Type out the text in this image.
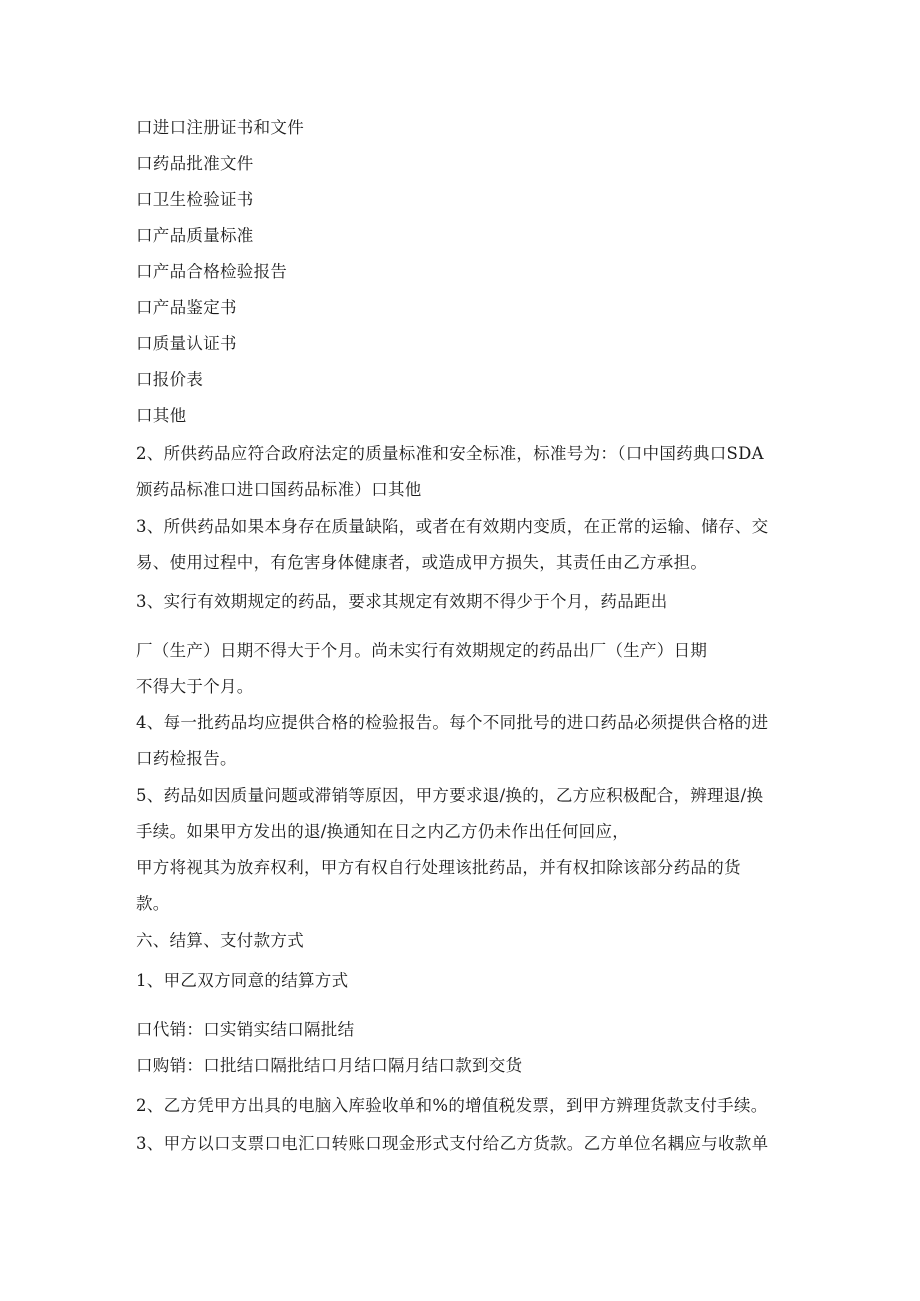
口进口注册证书和文件
口药品批准文件
口卫生检验证书
口产品质量标准
口产品合格检验报告
口产品鉴定书
口质量认证书
口报价表
口其他
2、所供药品应符合政府法定的质量标准和安全标准，标准号为：（口中国药典口SDA
颁药品标准口进口国药品标准）口其他
3、所供药品如果本身存在质量缺陷，或者在有效期内变质，在正常的运输、储存、交
易、使用过程中，有危害身体健康者，或造成甲方损失，其责任由乙方承担。
3、实行有效期规定的药品，要求其规定有效期不得少于个月，药品距出
厂（生产）日期不得大于个月。尚未实行有效期规定的药品出厂（生产）日期
不得大于个月。
4、每一批药品均应提供合格的检验报告。每个不同批号的进口药品必须提供合格的进
口药检报告。
5、药品如因质量问题或滞销等原因，甲方要求退/换的，乙方应积极配合，辨理退/换
手续。如果甲方发出的退/换通知在日之内乙方仍未作出任何回应，
甲方将视其为放弃权利，甲方有权自行处理该批药品，并有权扣除该部分药品的货
款。
六、结算、支付款方式
1、甲乙双方同意的结算方式
口代销：口实销实结口隔批结
口购销：口批结口隔批结口月结口隔月结口款到交货
2、乙方凭甲方出具的电脑入库验收单和%的增值税发票，到甲方辨理货款支付手续。
3、甲方以口支票口电汇口转账口现金形式支付给乙方货款。乙方单位名耦应与收款单
